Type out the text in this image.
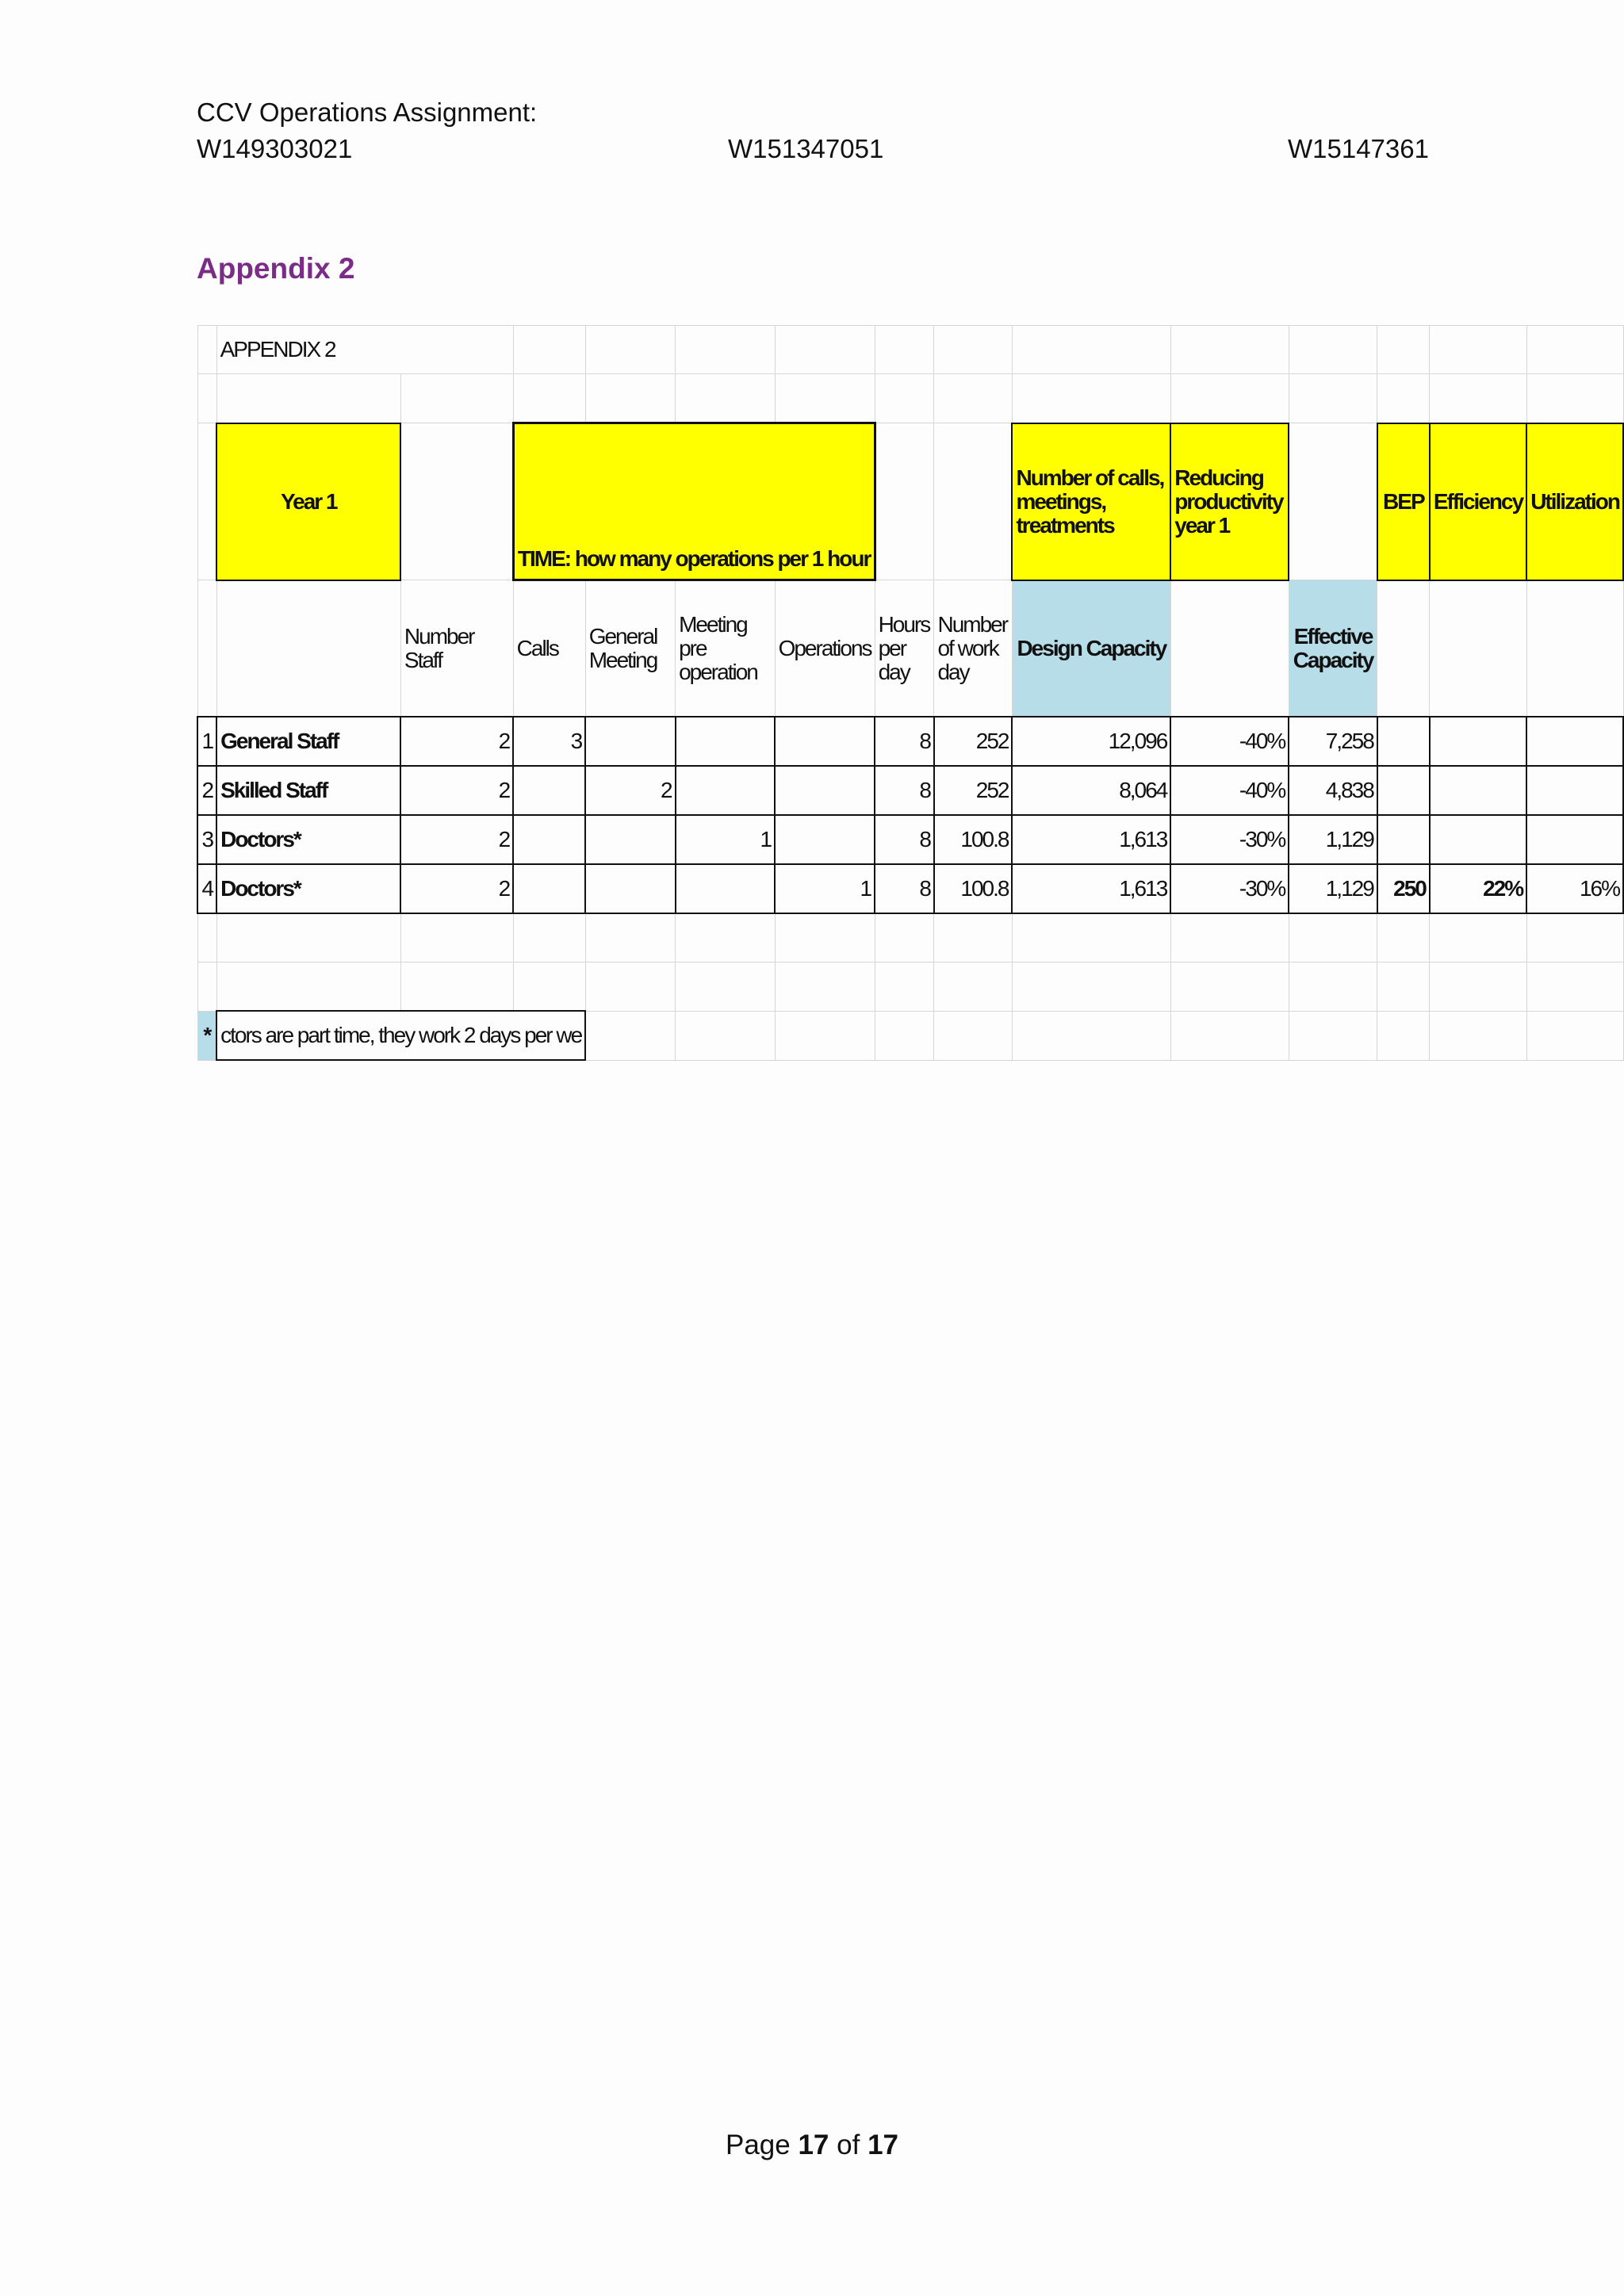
CCV Operations Assignment:
W149303021	W151347051	W15147361
Appendix 2
	APPENDIX 2													

	Year 1		TIME: how many operations per 1 hour						Number of calls, meetings, treatments	Reducing productivity year 1		BEP	Efficiency	Utilization
		Number Staff	Calls	General Meeting	Meeting pre operation	Operations	Hours per day	Number of work day	Design Capacity		Effective Capacity			
1	General Staff	2	3				8	252	12,096	-40%	7,258			
2	Skilled Staff	2		2			8	252	8,064	-40%	4,838			
3	Doctors*	2			1		8	100.8	1,613	-30%	1,129			
4	Doctors*	2				1	8	100.8	1,613	-30%	1,129	250	22%	16%

*	ctors are part time, they work 2 days per we													
Page 17 of 17
